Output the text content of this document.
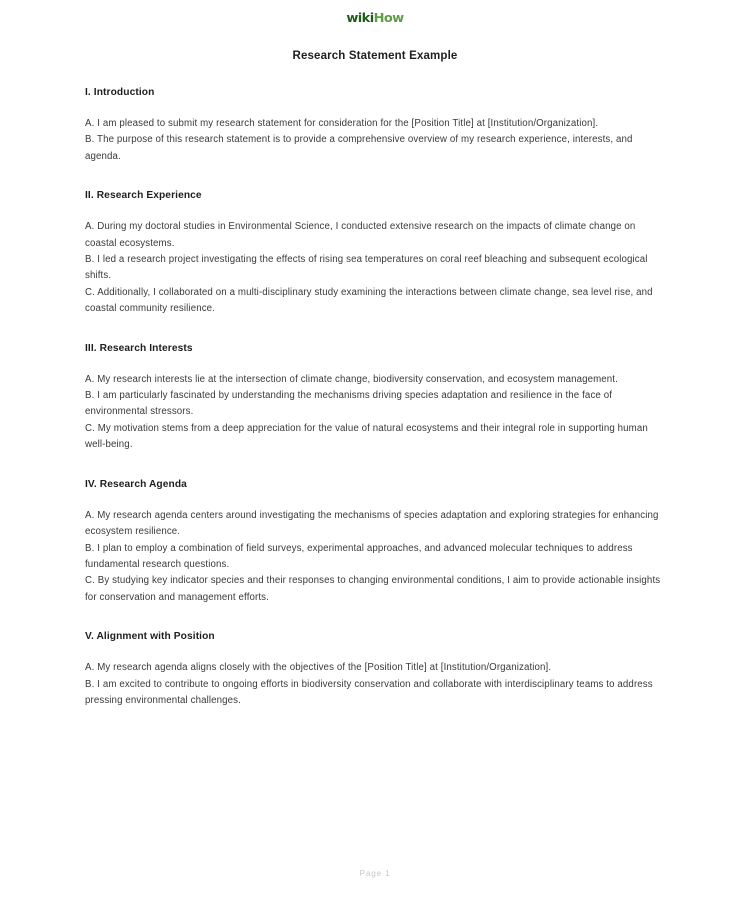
wiki How
Research Statement Example
I. Introduction

A. I am pleased to submit my research statement for consideration for the [Position Title] at [Institution/Organization].

B. The purpose of this research statement is to provide a comprehensive overview of my research experience, interests, and agenda.

II. Research Experience

A. During my doctoral studies in Environmental Science, I conducted extensive research on the impacts of climate change on coastal ecosystems.

B. I led a research project investigating the effects of rising sea temperatures on coral reef bleaching and subsequent ecological shifts.

C. Additionally, I collaborated on a multi-disciplinary study examining the interactions between climate change, sea level rise, and coastal community resilience.

III. Research Interests

A. My research interests lie at the intersection of climate change, biodiversity conservation, and ecosystem management.

B. I am particularly fascinated by understanding the mechanisms driving species adaptation and resilience in the face of environmental stressors.

C. My motivation stems from a deep appreciation for the value of natural ecosystems and their integral role in supporting human well-being.

IV. Research Agenda

A. My research agenda centers around investigating the mechanisms of species adaptation and exploring strategies for enhancing ecosystem resilience.

B. I plan to employ a combination of field surveys, experimental approaches, and advanced molecular techniques to address fundamental research questions.

C. By studying key indicator species and their responses to changing environmental conditions, I aim to provide actionable insights for conservation and management efforts.

V. Alignment with Position

A. My research agenda aligns closely with the objectives of the [Position Title] at [Institution/Organization].

B. I am excited to contribute to ongoing efforts in biodiversity conservation and collaborate with interdisciplinary teams to address pressing environmental challenges.

Page 1
